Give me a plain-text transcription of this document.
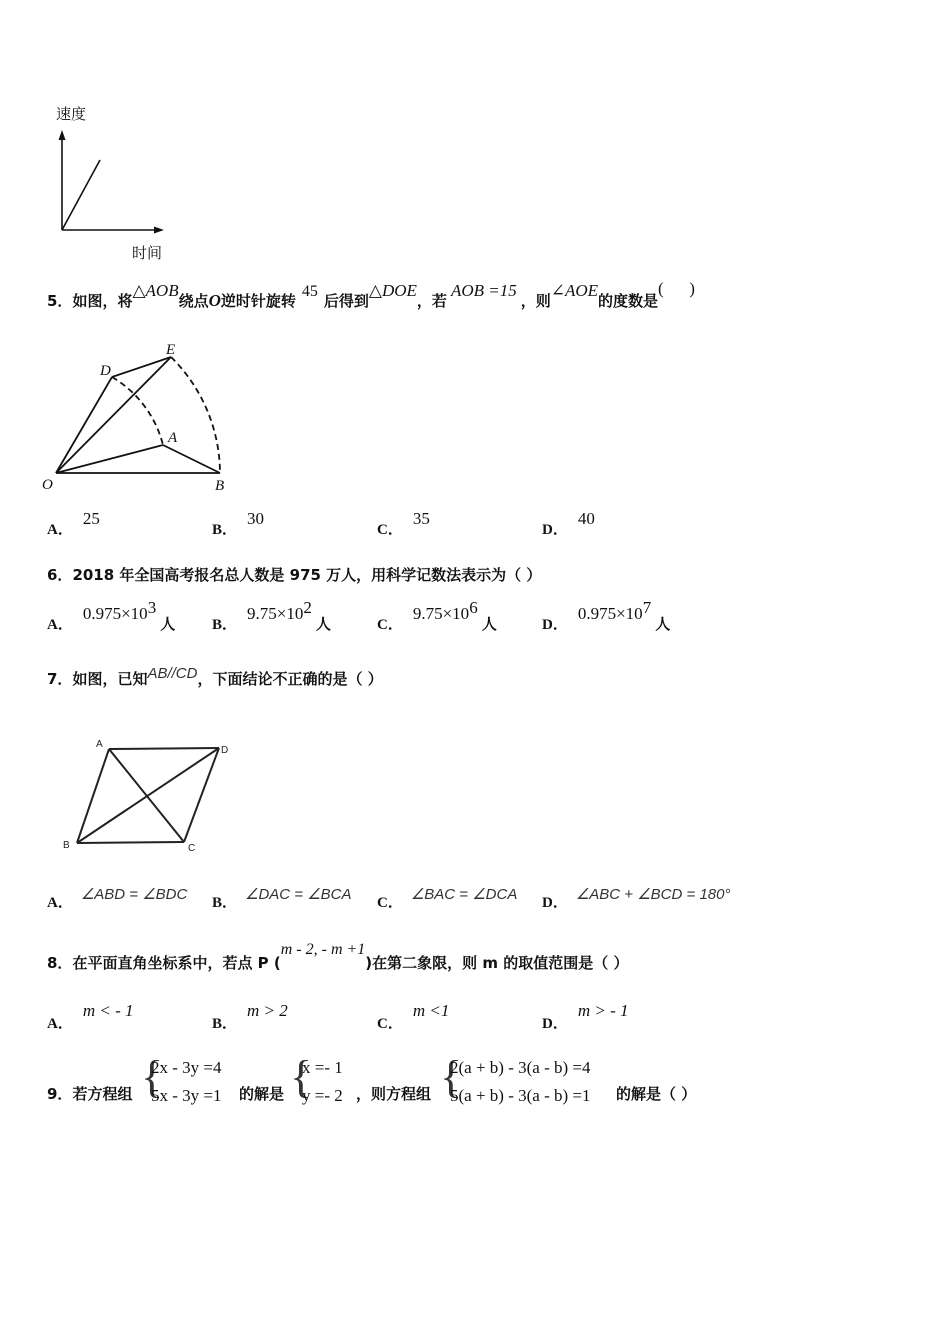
速度
时间
5．如图，将△AOB绕点O逆时针旋转45后得到△DOE，若AOB =15，则∠AOE的度数是(      )
O
A
B
D
E
A．25
B．30
C．35
D．40
6．2018 年全国高考报名总人数是 975 万人，用科学记数法表示为（ ）
A．$0.975\times 10^3$人 B．$9.75\times 10^2$人	C．$9.75\times 10^6$人	D．$0.975\times 10^7$人
7．如图，已知AB//CD，下面结论不正确的是（ ）
A
D
B	C
A． ∠ABD = ∠BDC B． ∠DAC = ∠BCA C． ∠BAC = ∠DCA D． ∠ABC + ∠BCD = 180°
8．在平面直角坐标系中，若点 P (m - 2, - m +1)在第二象限，则 m 的取值范围是（ ）
A．m < - 1
B．m > 2
C．m <1
D．m > - 1
9．若方程组 {
2x - 3y =4
5x - 3y =1 的解是 {
x =- 1
y =- 2 ，则方程组 {
2(a + b) - 3(a - b) =4
5(a + b) - 3(a - b) =1 的解是（ ）
